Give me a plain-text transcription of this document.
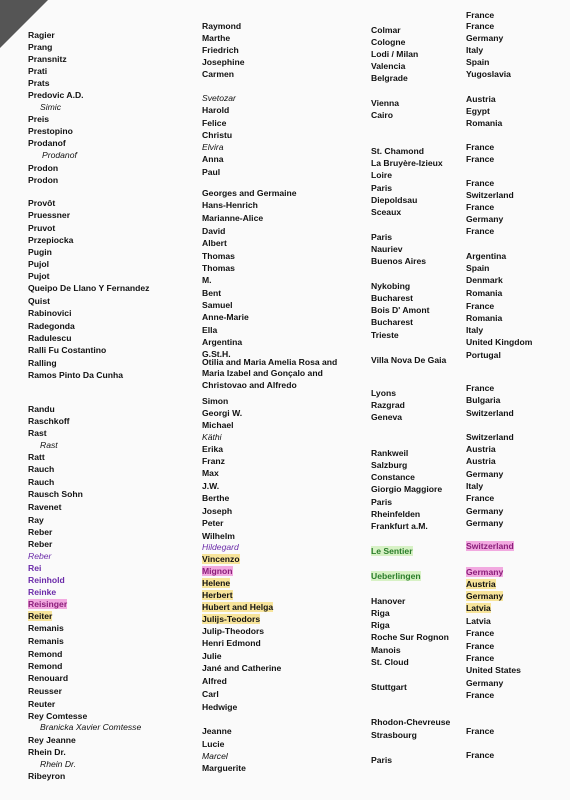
Ragier
Prang
Pransnitz
Prati
Prats
Predovic A.D.
Simic
Preis
Prestopino
Prodanof
Prodanof
Prodon
Prodon
Provôt
Pruessner
Pruvot
Przepiocka
Pugin
Pujol
Pujot
Queipo De Llano Y Fernandez
Quist
Rabinovici
Radegonda
Radulescu
Ralli Fu Costantino
Ralling
Ramos Pinto Da Cunha
Randu
Raschkoff
Rast
Rast
Ratt
Rauch
Rauch
Rausch Sohn
Ravenet
Ray
Reber
Reber
Reber
Rei
Reinhold
Reinke
Reisinger
Reiter
Remanis
Remanis
Remond
Remond
Renouard
Reusser
Reuter
Rey Comtesse
Branicka Xavier Comtesse
Rey Jeanne
Rhein Dr.
Rhein Dr.
Ribeyron
Raymond
Marthe
Friedrich
Josephine
Carmen
Svetozar
Harold
Felice
Christu
Elvira
Anna
Paul
Georges and Germaine
Hans-Henrich
Marianne-Alice
David
Albert
Thomas
Thomas
M.
Bent
Samuel
Anne-Marie
Ella
Argentina
G.St.H.
Otilia and Maria Amelia Rosa and
Maria Izabel and Gonçalo and
Christovao and Alfredo
Simon
Georgi W.
Michael
Käthi
Erika
Franz
Max
J.W.
Berthe
Joseph
Peter
Wilhelm
Hildegard
Vincenzo
Mignon
Helene
Herbert
Hubert and Helga
Julijs-Teodors
Julip-Theodors
Henri Edmond
Julie
Jané and Catherine
Alfred
Carl
Hedwige
Jeanne
Lucie
Marcel
Marguerite
Colmar
Cologne
Lodi / Milan
Valencia
Belgrade
Vienna
Cairo
St. Chamond
La Bruyère-Izieux
Loire
Paris
Diepoldsau
Sceaux
Paris
Nauriev
Buenos Aires
Nykobing
Bucharest
Bois D' Amont
Bucharest
Trieste
Villa Nova De Gaia
Lyons
Razgrad
Geneva
Rankweil
Salzburg
Constance
Giorgio Maggiore
Paris
Rheinfelden
Frankfurt a.M.
Le Sentier
Ueberlingen
Hanover
Riga
Riga
Roche Sur Rognon
Manois
St. Cloud
Stuttgart
Rhodon-Chevreuse
Strasbourg
Paris
France
France
Germany
Italy
Spain
Yugoslavia
Austria
Egypt
Romania
France
France
France
Switzerland
France
Germany
France
Argentina
Spain
Denmark
Romania
France
Romania
Italy
United Kingdom
Portugal
France
Bulgaria
Switzerland
Switzerland
Austria
Austria
Germany
Italy
France
Germany
Germany
Switzerland
Germany
Austria
Germany
Latvia
Latvia
France
France
France
United States
Germany
France
France
France
